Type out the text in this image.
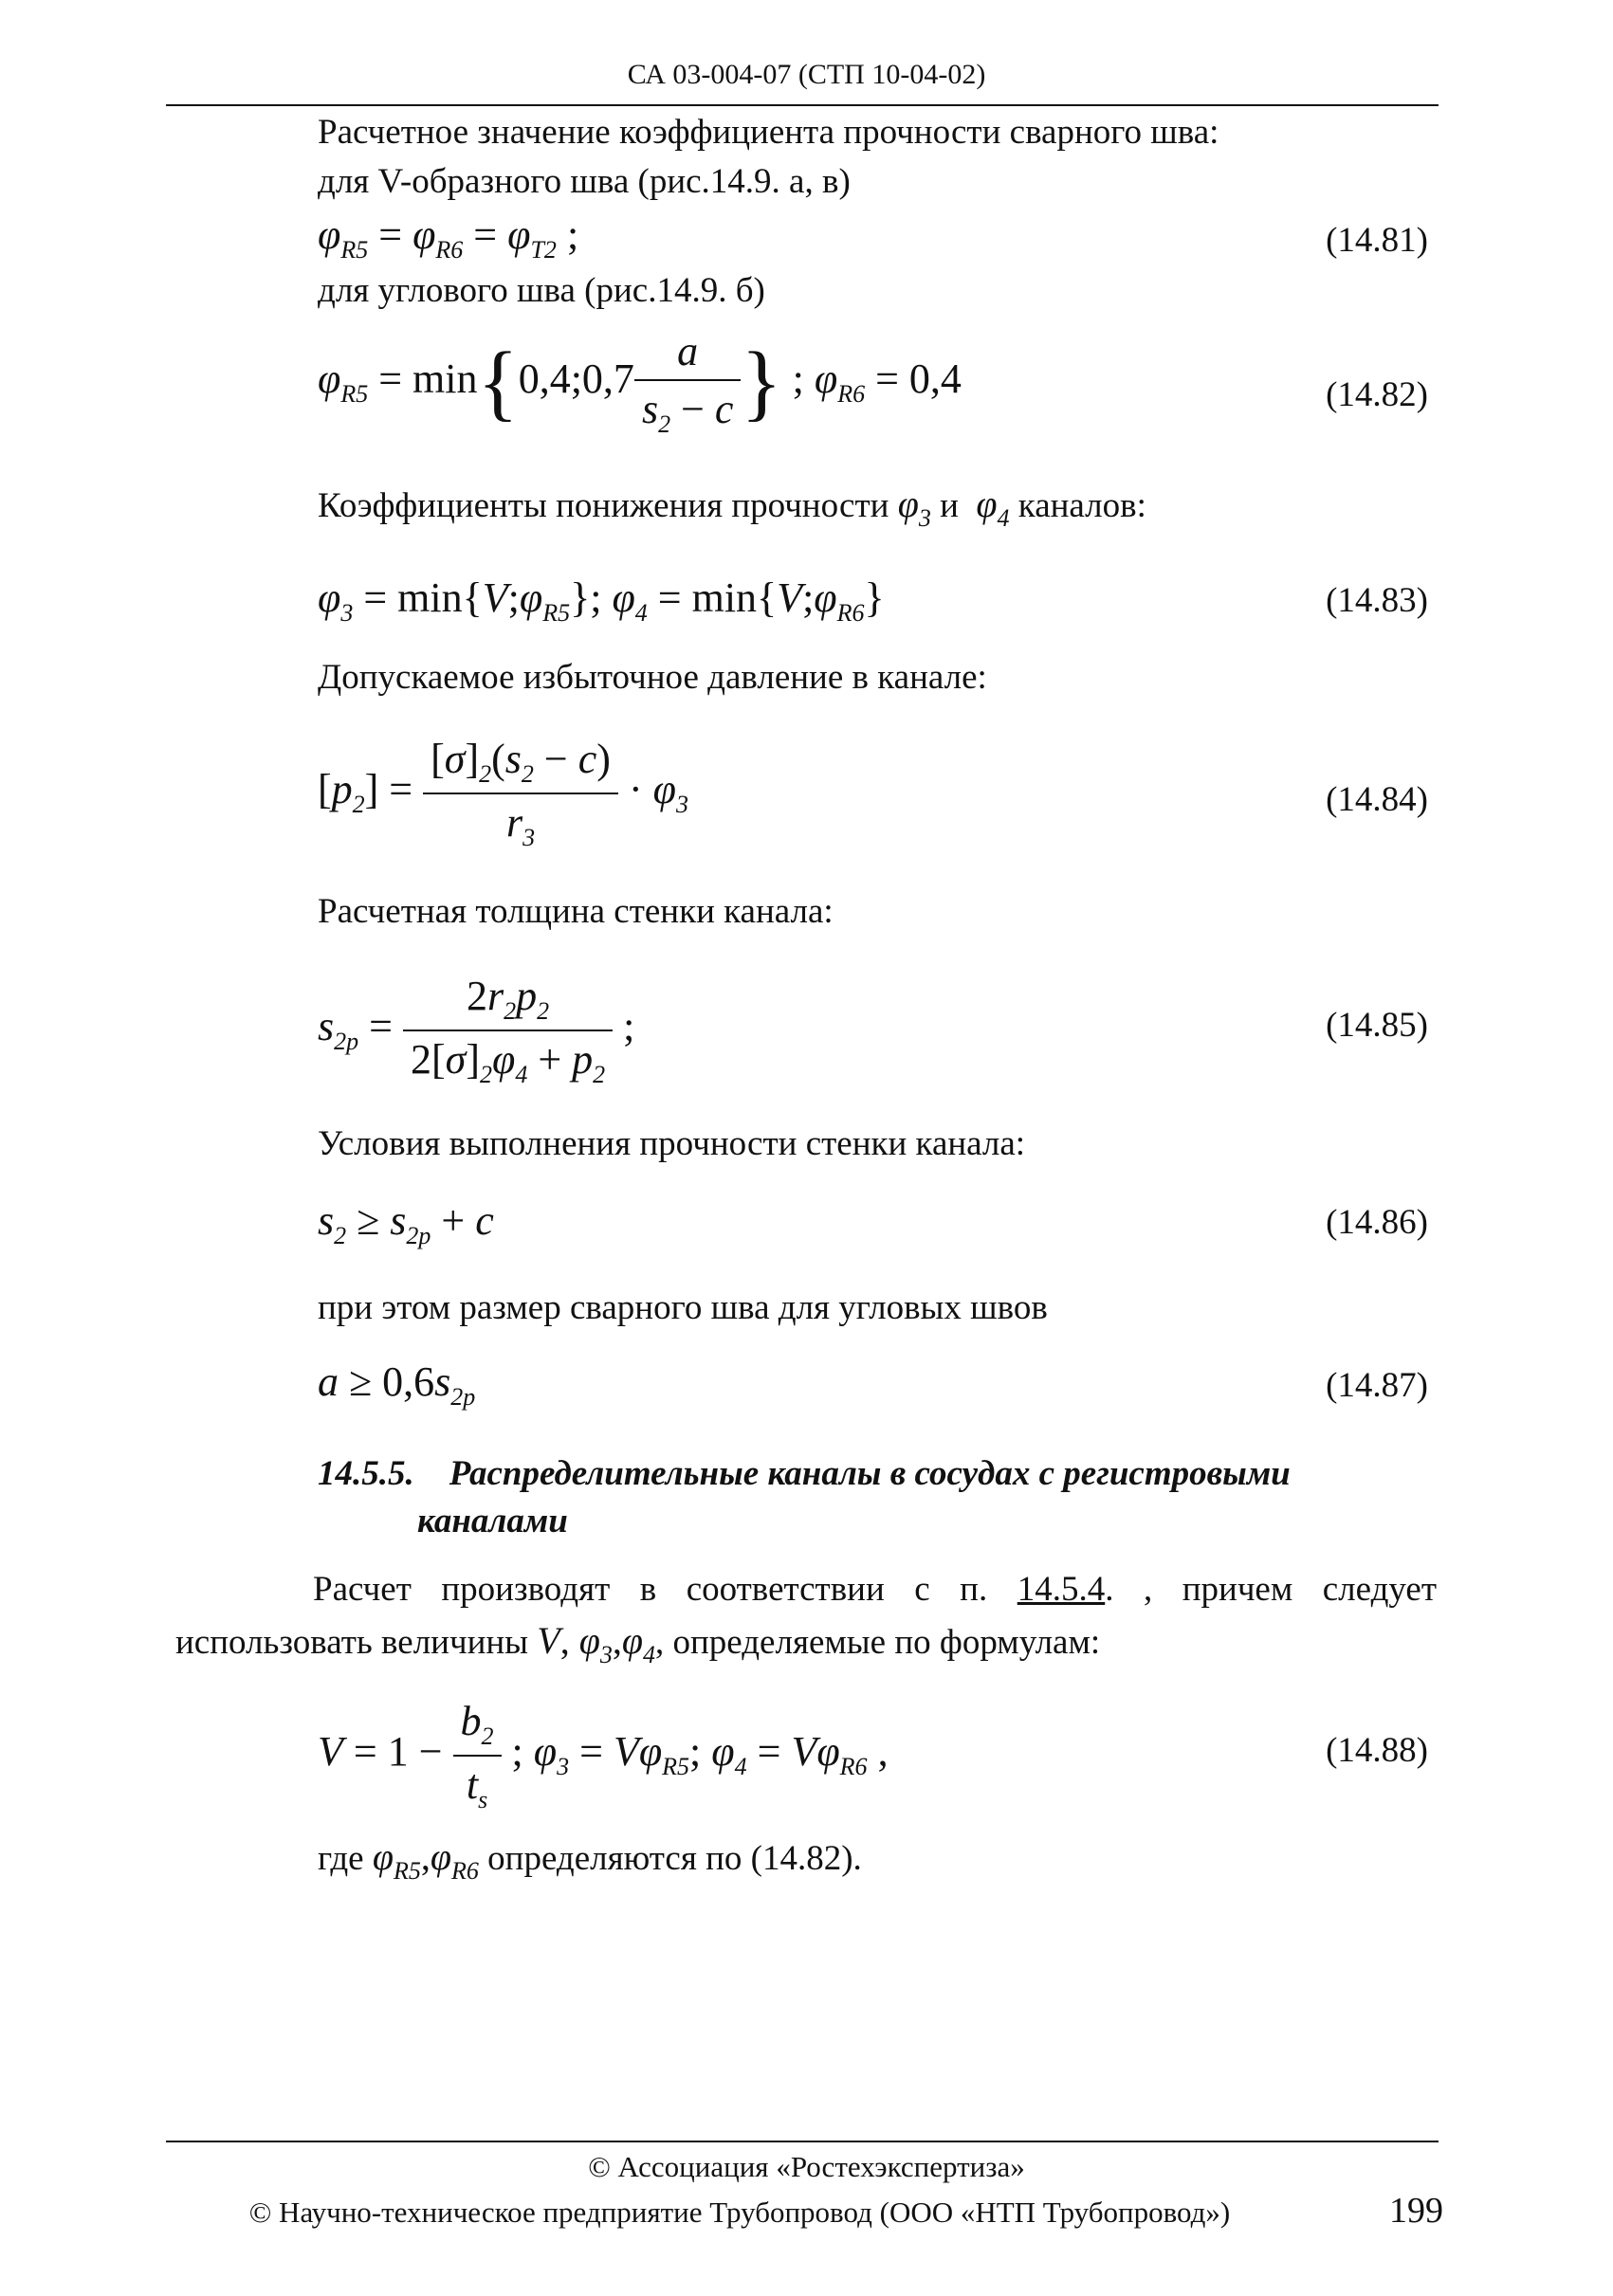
СА 03-004-07 (СТП 10-04-02)
Расчетное значение коэффициента прочности сварного шва:
для V-образного шва (рис.14.9. а, в)
$\varphi_{R5} = \varphi_{R6} = \varphi_{T2}$ ;	(14.81)
для углового шва (рис.14.9. б)
$\varphi_{R5}$ = min{0,4;0,7 $\frac{a}{s_2 - c}$ } ; $\varphi_{R6} = 0,4$	(14.82)
Коэффициенты понижения прочности $\varphi_3$ и $\varphi_4$ каналов:
$\varphi_3$ = $\min\{V;\varphi_{R5}\}$; $\varphi_4$ = $\min\{V;\varphi_{R6}\}$	(14.83)
Допускаемое избыточное давление в канале:
$[p_2] = \frac{[\sigma]_2(s_2 - c)}{r_3} \cdot \varphi_3$	(14.84)
Расчетная толщина стенки канала:
$s_{2p} = \frac{2r_2p_2}{2[\sigma]_2\varphi_4 + p_2}$ ;	(14.85)
Условия выполнения прочности стенки канала:
$s_2 \ge s_{2p} + c$	(14.86)
при этом размер сварного шва для угловых швов
$a \ge 0,6s_{2p}$	(14.87)
14.5.5. Распределительные каналы в сосудах с регистровыми
каналами
Расчет производят в соответствии с п. 14.5.4. , причем следует использовать величины V, $\varphi_3,\varphi_4$, определяемые по формулам:
$V = 1 - \frac{b_2}{t_s}$ ; $\varphi_3 = V\varphi_{R5}$; $\varphi_4 = V\varphi_{R6}$ ,	(14.88)
где $\varphi_{R5},\varphi_{R6}$ определяются по (14.82).
© Ассоциация «Ростехэкспертиза»
© Научно-техническое предприятие Трубопровод (ООО «НТП Трубопровод»)	199
